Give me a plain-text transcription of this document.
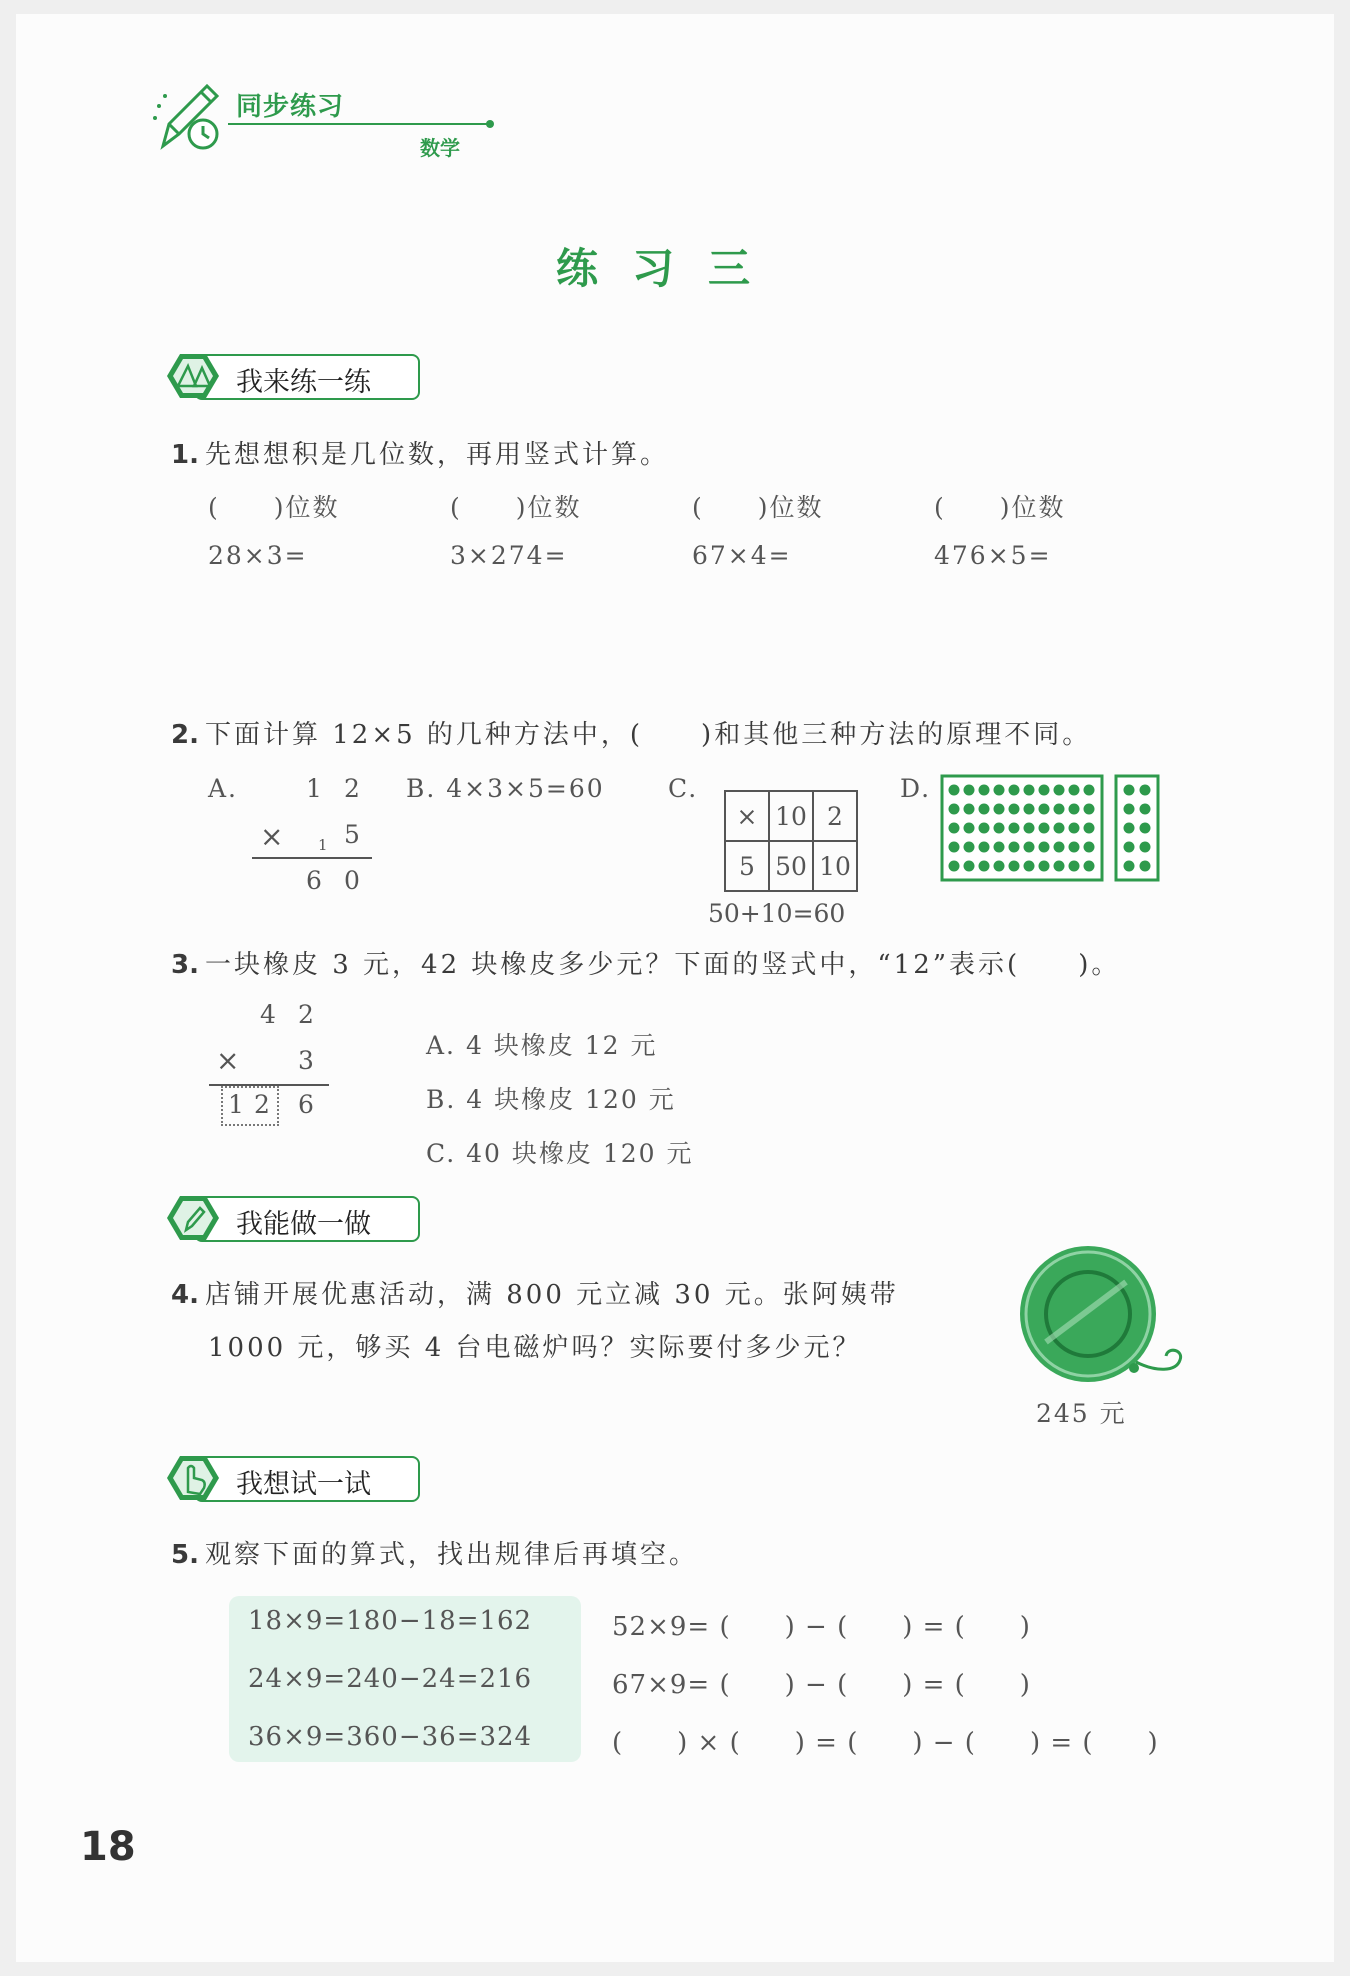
同步练习
数学
练习三
我来练一练
1. 先想想积是几位数，再用竖式计算。
(　　)位数	(　　)位数	(　　)位数	(　　)位数
28×3=	3×274=	67×4=	476×5=
2. 下面计算 12×5 的几种方法中，(　　)和其他三种方法的原理不同。
A.	1 2
× 1 5
6 0
B. 4×3×5=60	C.
×	10	2
5	50	10
50+10=60
D.
3. 一块橡皮 3 元，42 块橡皮多少元？下面的竖式中，“12”表示(　　)。
4 2
× 3
1 2 6
A. 4 块橡皮 12 元
B. 4 块橡皮 120 元
C. 40 块橡皮 120 元
我能做一做
4. 店铺开展优惠活动，满 800 元立减 30 元。张阿姨带
1000 元，够买 4 台电磁炉吗？实际要付多少元？
245 元
我想试一试
5. 观察下面的算式，找出规律后再填空。
18×9=180−18=162
24×9=240−24=216
36×9=360−36=324
52×9= (　　) − (　　) = (　　)
67×9= (　　) − (　　) = (　　)
(　　) × (　　) = (　　) − (　　) = (　　)
18
